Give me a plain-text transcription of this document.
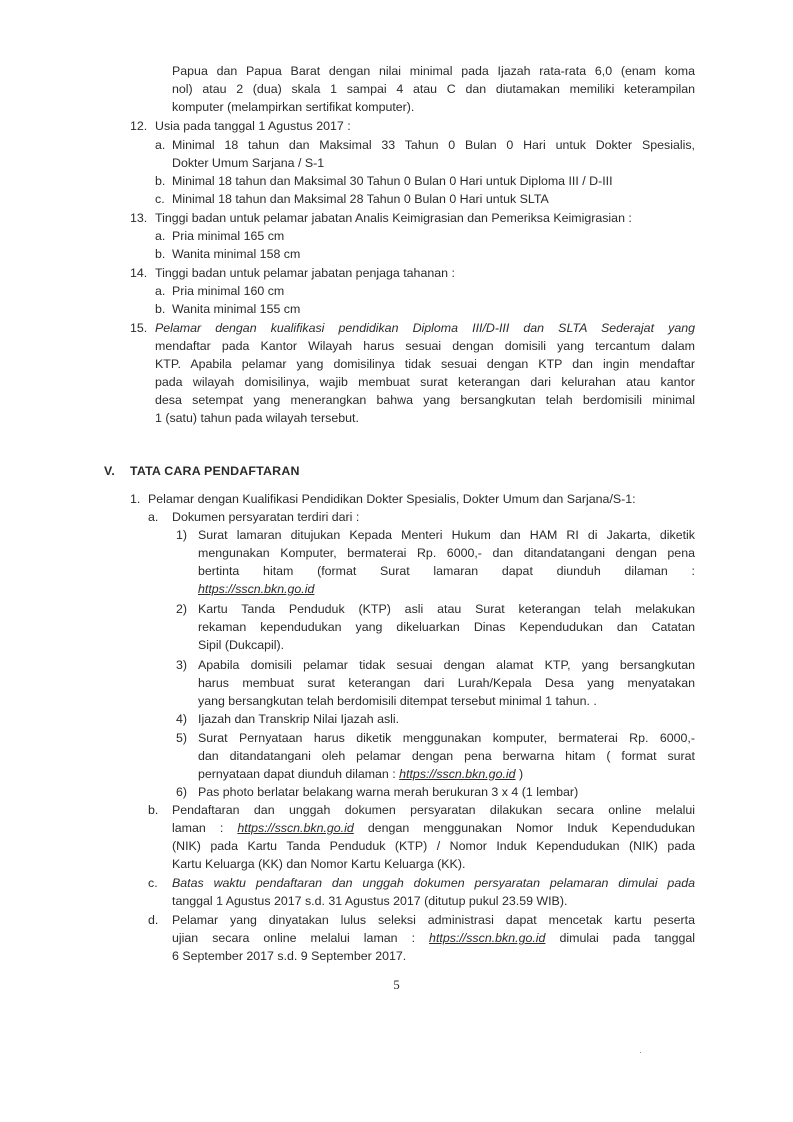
Papua dan Papua Barat dengan nilai minimal pada Ijazah rata-rata 6,0 (enam koma
nol) atau 2 (dua) skala 1 sampai 4 atau C dan diutamakan memiliki keterampilan
komputer (melampirkan sertifikat komputer).
12. Usia pada tanggal 1 Agustus 2017 :
a. Minimal 18 tahun dan Maksimal 33 Tahun 0 Bulan 0 Hari untuk Dokter Spesialis,
Dokter Umum Sarjana / S-1
b. Minimal 18 tahun dan Maksimal 30 Tahun 0 Bulan 0 Hari untuk Diploma III / D-III
c. Minimal 18 tahun dan Maksimal 28 Tahun 0 Bulan 0 Hari untuk SLTA
13. Tinggi badan untuk pelamar jabatan Analis Keimigrasian dan Pemeriksa Keimigrasian :
a. Pria minimal 165 cm
b. Wanita minimal 158 cm
14. Tinggi badan untuk pelamar jabatan penjaga tahanan :
a. Pria minimal 160 cm
b. Wanita minimal 155 cm
15. Pelamar dengan kualifikasi pendidikan Diploma III/D-III dan SLTA Sederajat yang
mendaftar pada Kantor Wilayah harus sesuai dengan domisili yang tercantum dalam
KTP. Apabila pelamar yang domisilinya tidak sesuai dengan KTP dan ingin mendaftar
pada wilayah domisilinya, wajib membuat surat keterangan dari kelurahan atau kantor
desa setempat yang menerangkan bahwa yang bersangkutan telah berdomisili minimal
1 (satu) tahun pada wilayah tersebut.
V. TATA CARA PENDAFTARAN
1. Pelamar dengan Kualifikasi Pendidikan Dokter Spesialis, Dokter Umum dan Sarjana/S-1:
a. Dokumen persyaratan terdiri dari :
1) Surat lamaran ditujukan Kepada Menteri Hukum dan HAM RI di Jakarta, diketik
mengunakan Komputer, bermaterai Rp. 6000,- dan ditandatangani dengan pena
bertinta hitam (format Surat lamaran dapat diunduh dilaman :
https://sscn.bkn.go.id
2) Kartu Tanda Penduduk (KTP) asli atau Surat keterangan telah melakukan
rekaman kependudukan yang dikeluarkan Dinas Kependudukan dan Catatan
Sipil (Dukcapil).
3) Apabila domisili pelamar tidak sesuai dengan alamat KTP, yang bersangkutan
harus membuat surat keterangan dari Lurah/Kepala Desa yang menyatakan
yang bersangkutan telah berdomisili ditempat tersebut minimal 1 tahun. .
4) Ijazah dan Transkrip Nilai Ijazah asli.
5) Surat Pernyataan harus diketik menggunakan komputer, bermaterai Rp. 6000,-
dan ditandatangani oleh pelamar dengan pena berwarna hitam ( format surat
pernyataan dapat diunduh dilaman : https://sscn.bkn.go.id )
6) Pas photo berlatar belakang warna merah berukuran 3 x 4 (1 lembar)
b. Pendaftaran dan unggah dokumen persyaratan dilakukan secara online melalui
laman : https://sscn.bkn.go.id dengan menggunakan Nomor Induk Kependudukan
(NIK) pada Kartu Tanda Penduduk (KTP) / Nomor Induk Kependudukan (NIK) pada
Kartu Keluarga (KK) dan Nomor Kartu Keluarga (KK).
c. Batas waktu pendaftaran dan unggah dokumen persyaratan pelamaran dimulai pada
tanggal 1 Agustus 2017 s.d. 31 Agustus 2017 (ditutup pukul 23.59 WIB).
d. Pelamar yang dinyatakan lulus seleksi administrasi dapat mencetak kartu peserta
ujian secara online melalui laman : https://sscn.bkn.go.id dimulai pada tanggal
6 September 2017 s.d. 9 September 2017.
5
